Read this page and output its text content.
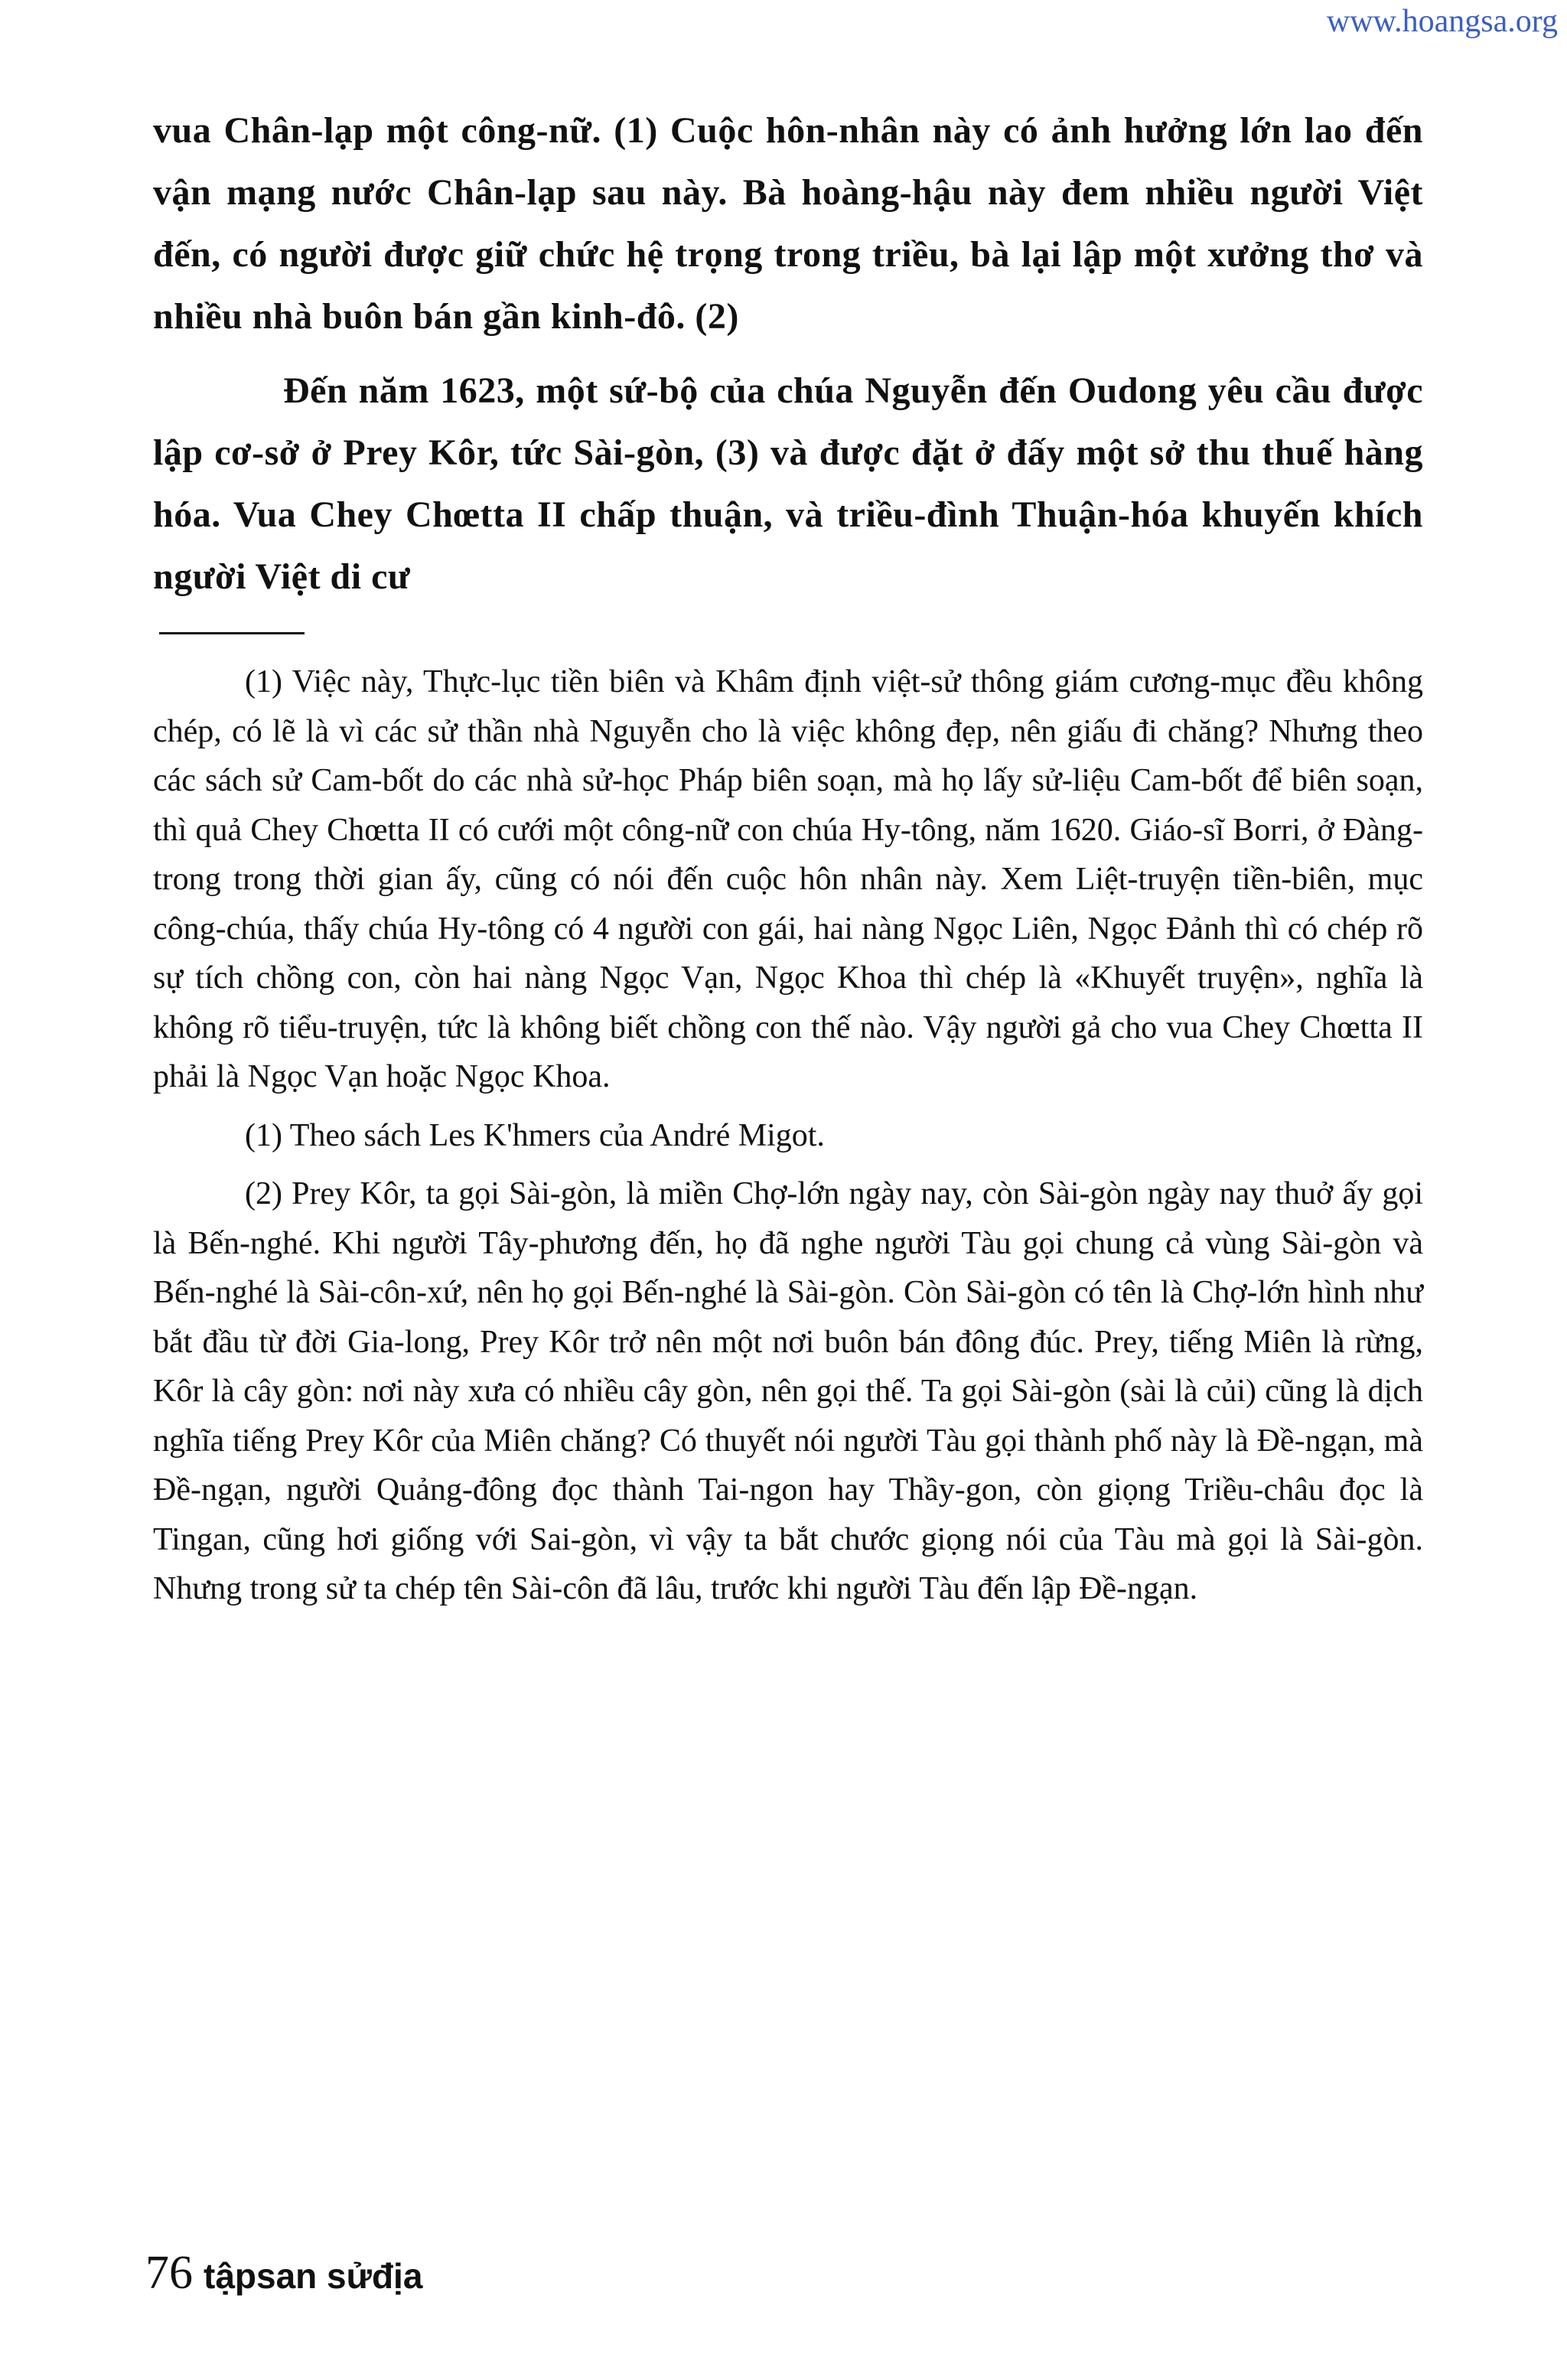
www.hoangsa.org

vua Chân-lạp một công-nữ. (1) Cuộc hôn-nhân này có ảnh hưởng lớn lao đến vận mạng nước Chân-lạp sau này. Bà hoàng-hậu này đem nhiều người Việt đến, có người được giữ chức hệ trọng trong triều, bà lại lập một xưởng thơ và nhiều nhà buôn bán gần kinh-đô. (2)

Đến năm 1623, một sứ-bộ của chúa Nguyễn đến Oudong yêu cầu được lập cơ-sở ở Prey Kôr, tức Sài-gòn, (3) và được đặt ở đấy một sở thu thuế hàng hóa. Vua Chey Chœtta II chấp thuận, và triều-đình Thuận-hóa khuyến khích người Việt di cư

(1) Việc này, Thực-lục tiền biên và Khâm định việt-sử thông giám cương-mục đều không chép, có lẽ là vì các sử thần nhà Nguyễn cho là việc không đẹp, nên giấu đi chăng? Nhưng theo các sách sử Cam-bốt do các nhà sử-học Pháp biên soạn, mà họ lấy sử-liệu Cam-bốt để biên soạn, thì quả Chey Chœtta II có cưới một công-nữ con chúa Hy-tông, năm 1620. Giáo-sĩ Borri, ở Đàng-trong trong thời gian ấy, cũng có nói đến cuộc hôn nhân này. Xem Liệt-truyện tiền-biên, mục công-chúa, thấy chúa Hy-tông có 4 người con gái, hai nàng Ngọc Liên, Ngọc Đảnh thì có chép rõ sự tích chồng con, còn hai nàng Ngọc Vạn, Ngọc Khoa thì chép là «Khuyết truyện», nghĩa là không rõ tiểu-truyện, tức là không biết chồng con thế nào. Vậy người gả cho vua Chey Chœtta II phải là Ngọc Vạn hoặc Ngọc Khoa.

(1) Theo sách Les K'hmers của André Migot.

(2) Prey Kôr, ta gọi Sài-gòn, là miền Chợ-lớn ngày nay, còn Sài-gòn ngày nay thuở ấy gọi là Bến-nghé. Khi người Tây-phương đến, họ đã nghe người Tàu gọi chung cả vùng Sài-gòn và Bến-nghé là Sài-côn-xứ, nên họ gọi Bến-nghé là Sài-gòn. Còn Sài-gòn có tên là Chợ-lớn hình như bắt đầu từ đời Gia-long, Prey Kôr trở nên một nơi buôn bán đông đúc. Prey, tiếng Miên là rừng, Kôr là cây gòn: nơi này xưa có nhiều cây gòn, nên gọi thế. Ta gọi Sài-gòn (sài là củi) cũng là dịch nghĩa tiếng Prey Kôr của Miên chăng? Có thuyết nói người Tàu gọi thành phố này là Đề-ngạn, mà Đề-ngạn, người Quảng-đông đọc thành Tai-ngon hay Thầy-gon, còn giọng Triều-châu đọc là Tingan, cũng hơi giống với Sai-gòn, vì vậy ta bắt chước giọng nói của Tàu mà gọi là Sài-gòn. Nhưng trong sử ta chép tên Sài-côn đã lâu, trước khi người Tàu đến lập Đề-ngạn.

76 tậpsan sửđịa
